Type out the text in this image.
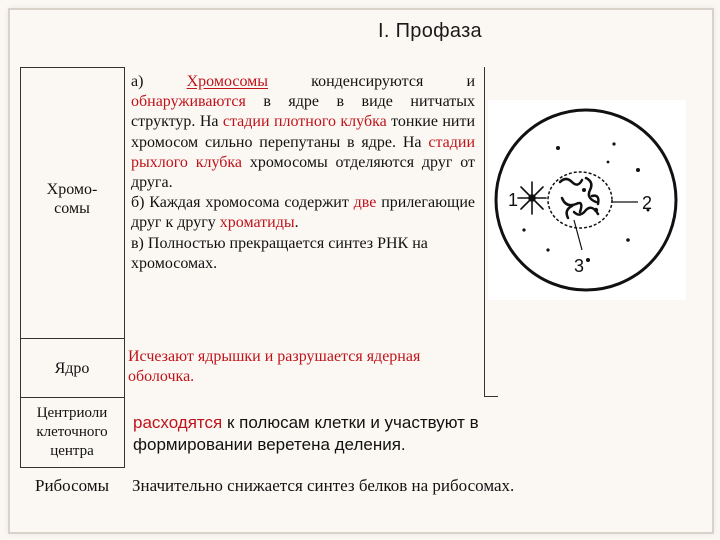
I. Профаза
Хромо-
сомы
а) Хромосомы конденсируются и обнаруживаются в ядре в виде нитчатых структур. На стадии плотного клубка тонкие нити хромосом сильно перепутаны в ядре. На стадии рыхлого клубка хромосомы отделяются друг от друга.
б) Каждая хромосома содержит две прилегающие друг к другу хроматиды.
в) Полностью прекращается синтез РНК на хромосомах.
Ядро
Исчезают ядрышки и разрушается ядерная оболочка.
Центриоли
клеточного
центра
расходятся к полюсам клетки и участвуют в формировании веретена деления.
Рибосомы	Значительно снижается синтез белков на рибосомах.
1	2
3
